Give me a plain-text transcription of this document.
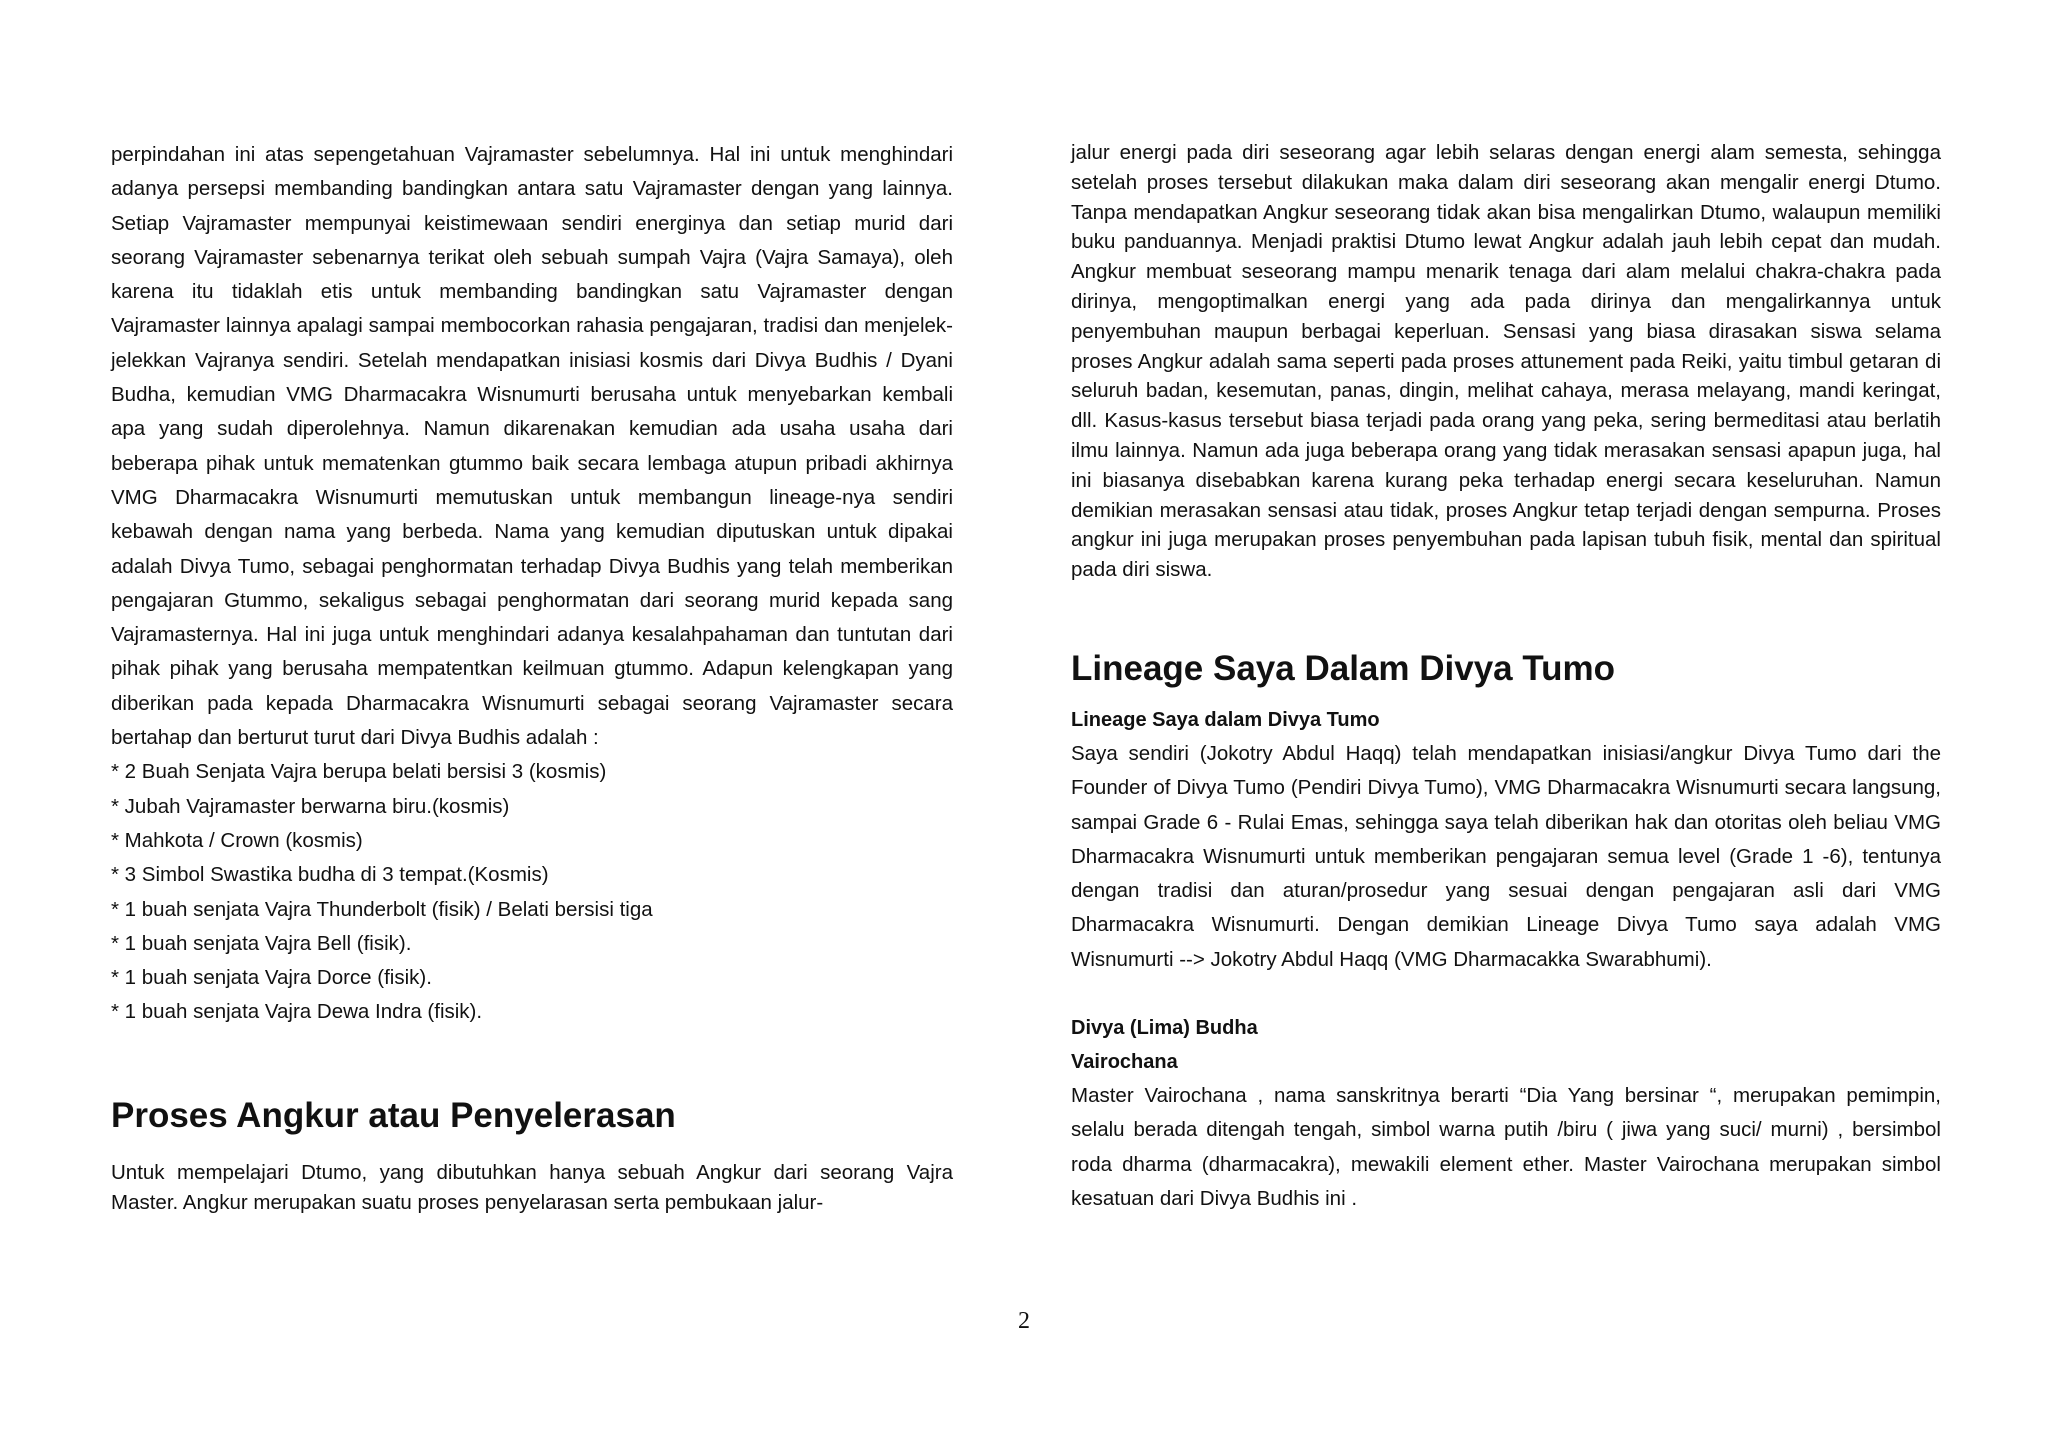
perpindahan ini atas sepengetahuan Vajramaster sebelumnya. Hal ini untuk menghindari adanya persepsi membanding bandingkan antara satu Vajramaster dengan yang lainnya. Setiap Vajramaster mempunyai keistimewaan sendiri energinya dan setiap murid dari seorang Vajramaster sebenarnya terikat oleh sebuah sumpah Vajra (Vajra Samaya), oleh karena itu tidaklah etis untuk membanding bandingkan satu Vajramaster dengan Vajramaster lainnya apalagi sampai membocorkan rahasia pengajaran, tradisi dan menjelek-jelekkan Vajranya sendiri. Setelah mendapatkan inisiasi kosmis dari Divya Budhis / Dyani Budha, kemudian VMG Dharmacakra Wisnumurti berusaha untuk menyebarkan kembali apa yang sudah diperolehnya. Namun dikarenakan kemudian ada usaha usaha dari beberapa pihak untuk mematenkan gtummo baik secara lembaga atupun pribadi akhirnya VMG Dharmacakra Wisnumurti memutuskan untuk membangun lineage-nya sendiri kebawah dengan nama yang berbeda. Nama yang kemudian diputuskan untuk dipakai adalah Divya Tumo, sebagai penghormatan terhadap Divya Budhis yang telah memberikan pengajaran Gtummo, sekaligus sebagai penghormatan dari seorang murid kepada sang Vajramasternya. Hal ini juga untuk menghindari adanya kesalahpahaman dan tuntutan dari pihak pihak yang berusaha mempatentkan keilmuan gtummo. Adapun kelengkapan yang diberikan pada kepada Dharmacakra Wisnumurti sebagai seorang Vajramaster secara bertahap dan berturut turut dari Divya Budhis adalah :

* 2 Buah Senjata Vajra berupa belati bersisi 3 (kosmis)
* Jubah Vajramaster berwarna biru.(kosmis)
* Mahkota / Crown (kosmis)
* 3 Simbol Swastika budha di 3 tempat.(Kosmis)
* 1 buah senjata Vajra Thunderbolt (fisik) / Belati bersisi tiga
* 1 buah senjata Vajra Bell (fisik).
* 1 buah senjata Vajra Dorce (fisik).
* 1 buah senjata Vajra Dewa Indra (fisik).
Proses Angkur atau Penyelerasan

Untuk mempelajari Dtumo, yang dibutuhkan hanya sebuah Angkur dari seorang Vajra Master. Angkur merupakan suatu proses penyelarasan serta pembukaan jalur-

jalur energi pada diri seseorang agar lebih selaras dengan energi alam semesta, sehingga setelah proses tersebut dilakukan maka dalam diri seseorang akan mengalir energi Dtumo. Tanpa mendapatkan Angkur seseorang tidak akan bisa mengalirkan Dtumo, walaupun memiliki buku panduannya. Menjadi praktisi Dtumo lewat Angkur adalah jauh lebih cepat dan mudah. Angkur membuat seseorang mampu menarik tenaga dari alam melalui chakra-chakra pada dirinya, mengoptimalkan energi yang ada pada dirinya dan mengalirkannya untuk penyembuhan maupun berbagai keperluan. Sensasi yang biasa dirasakan siswa selama proses Angkur adalah sama seperti pada proses attunement pada Reiki, yaitu timbul getaran di seluruh badan, kesemutan, panas, dingin, melihat cahaya, merasa melayang, mandi keringat, dll. Kasus-kasus tersebut biasa terjadi pada orang yang peka, sering bermeditasi atau berlatih ilmu lainnya. Namun ada juga beberapa orang yang tidak merasakan sensasi apapun juga, hal ini biasanya disebabkan karena kurang peka terhadap energi secara keseluruhan. Namun demikian merasakan sensasi atau tidak, proses Angkur tetap terjadi dengan sempurna. Proses angkur ini juga merupakan proses penyembuhan pada lapisan tubuh fisik, mental dan spiritual pada diri siswa.

Lineage Saya Dalam Divya Tumo

Lineage Saya dalam Divya Tumo

Saya sendiri (Jokotry Abdul Haqq) telah mendapatkan inisiasi/angkur Divya Tumo dari the Founder of Divya Tumo (Pendiri Divya Tumo), VMG Dharmacakra Wisnumurti secara langsung, sampai Grade 6 - Rulai Emas, sehingga saya telah diberikan hak dan otoritas oleh beliau VMG Dharmacakra Wisnumurti untuk memberikan pengajaran semua level (Grade 1 -6), tentunya dengan tradisi dan aturan/prosedur yang sesuai dengan pengajaran asli dari VMG Dharmacakra Wisnumurti. Dengan demikian Lineage Divya Tumo saya adalah VMG Wisnumurti --> Jokotry Abdul Haqq (VMG Dharmacakka Swarabhumi).

Divya (Lima) Budha

Vairochana

Master Vairochana , nama sanskritnya berarti “Dia Yang bersinar “, merupakan pemimpin, selalu berada ditengah tengah, simbol warna putih /biru ( jiwa yang suci/ murni) , bersimbol roda dharma (dharmacakra), mewakili element ether. Master Vairochana merupakan simbol kesatuan dari Divya Budhis ini .

2
